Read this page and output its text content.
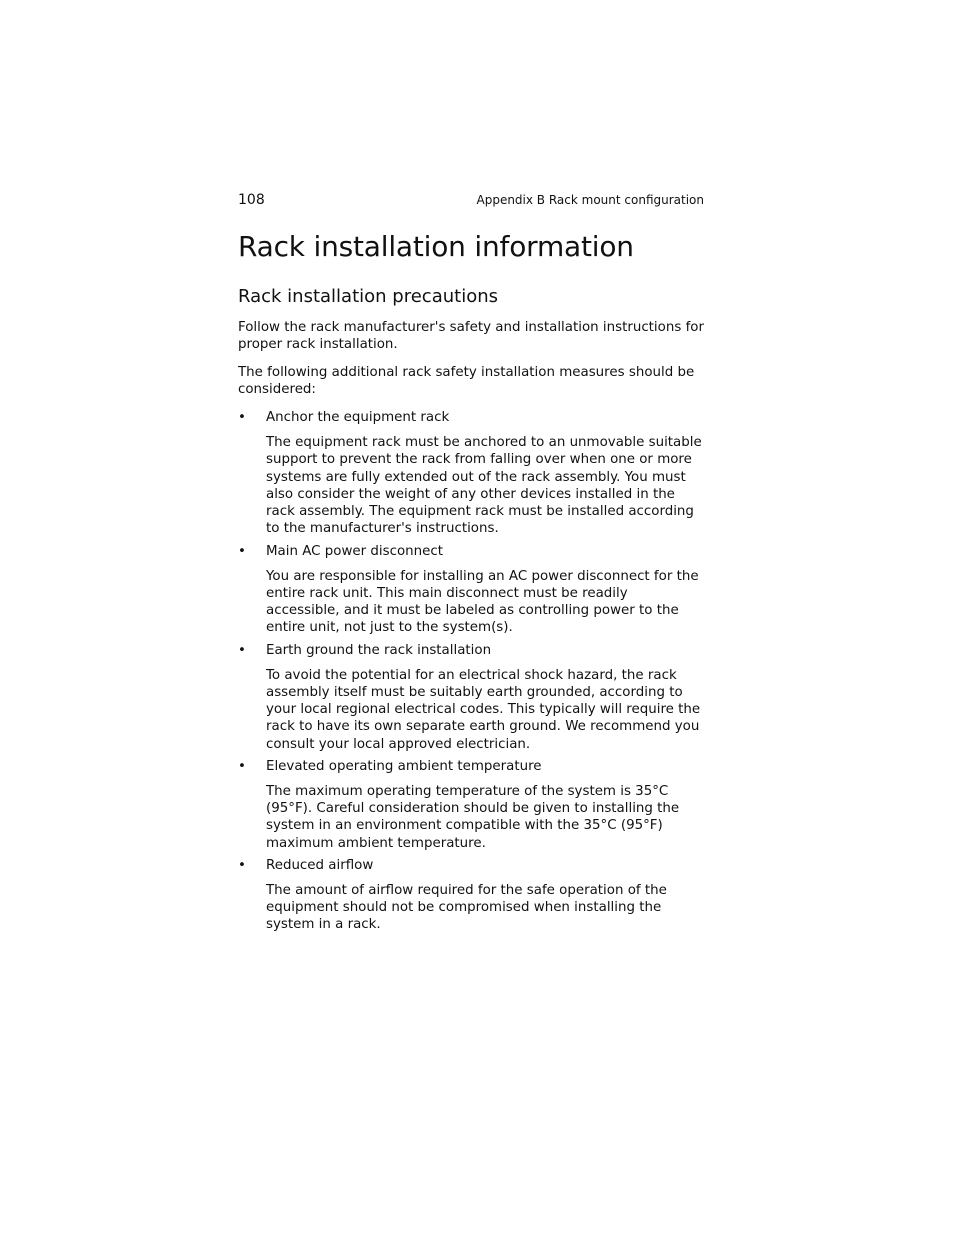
108	Appendix B Rack mount configuration
Rack installation information
Rack installation precautions

Follow the rack manufacturer's safety and installation instructions for proper rack installation.

The following additional rack safety installation measures should be considered:

• Anchor the equipment rack
The equipment rack must be anchored to an unmovable suitable support to prevent the rack from falling over when one or more systems are fully extended out of the rack assembly. You must also consider the weight of any other devices installed in the rack assembly. The equipment rack must be installed according to the manufacturer's instructions.
• Main AC power disconnect
You are responsible for installing an AC power disconnect for the entire rack unit. This main disconnect must be readily accessible, and it must be labeled as controlling power to the entire unit, not just to the system(s).
• Earth ground the rack installation
To avoid the potential for an electrical shock hazard, the rack assembly itself must be suitably earth grounded, according to your local regional electrical codes. This typically will require the rack to have its own separate earth ground. We recommend you consult your local approved electrician.
• Elevated operating ambient temperature
The maximum operating temperature of the system is 35°C (95°F). Careful consideration should be given to installing the system in an environment compatible with the 35°C (95°F) maximum ambient temperature.
• Reduced airflow
The amount of airflow required for the safe operation of the equipment should not be compromised when installing the system in a rack.
